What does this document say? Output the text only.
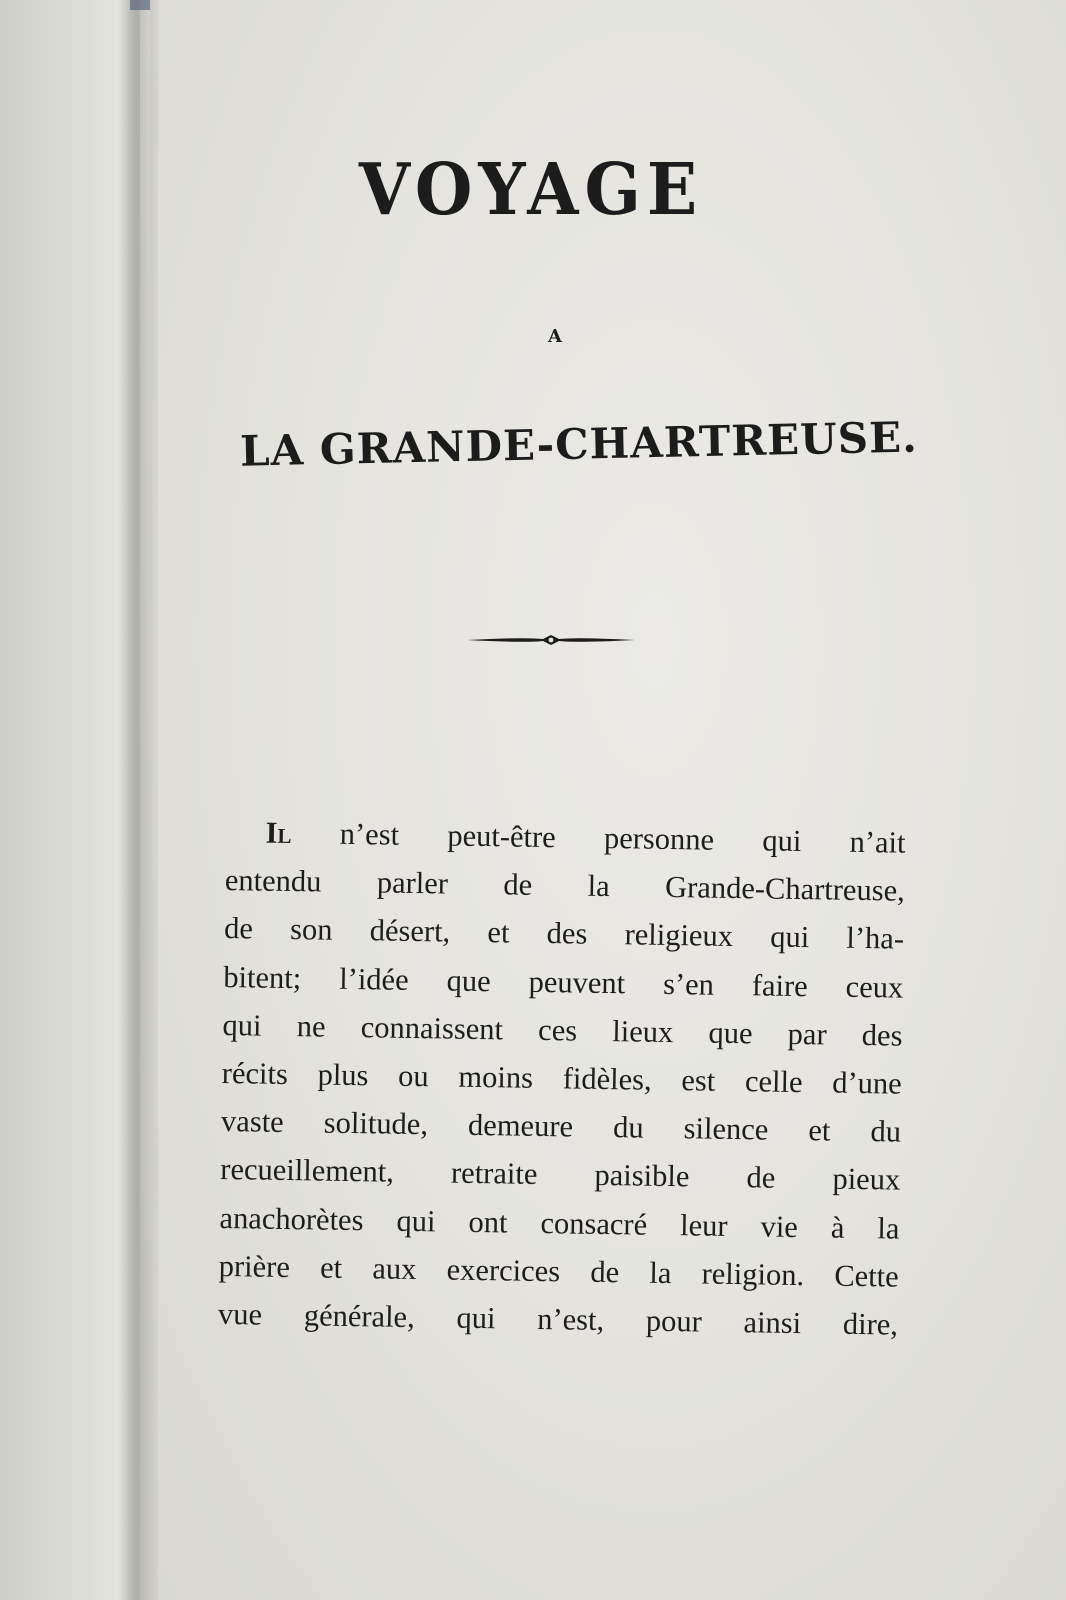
VOYAGE
A
LA GRANDE-CHARTREUSE.
Il n’est peut-être personne qui n’ait
entendu parler de la Grande-Chartreuse,
de son désert, et des religieux qui l’ha-
bitent; l’idée que peuvent s’en faire ceux
qui ne connaissent ces lieux que par des
récits plus ou moins fidèles, est celle d’une
vaste solitude, demeure du silence et du
recueillement, retraite paisible de pieux
anachorètes qui ont consacré leur vie à la
prière et aux exercices de la religion. Cette
vue générale, qui n’est, pour ainsi dire,
